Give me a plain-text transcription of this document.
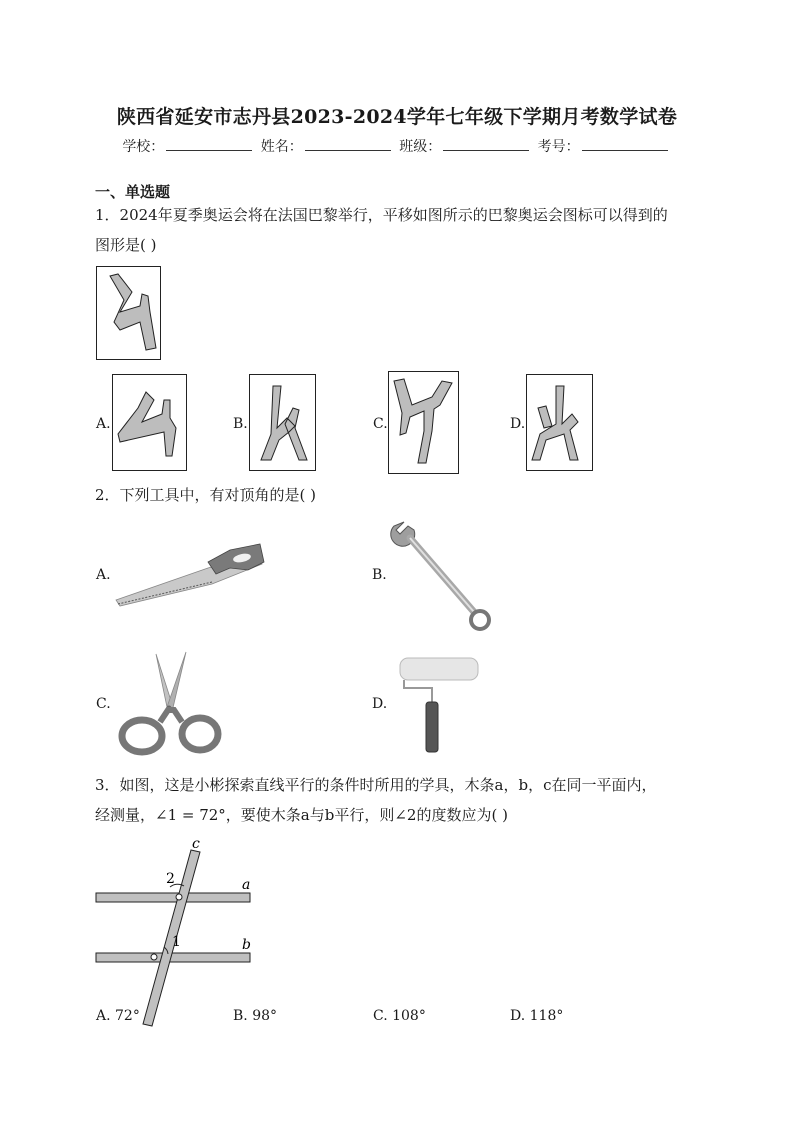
陕西省延安市志丹县2023-2024学年七年级下学期月考数学试卷
学校：	姓名：	班级：	考号：
一、单选题
1．2024年夏季奥运会将在法国巴黎举行，平移如图所示的巴黎奥运会图标可以得到的
图形是( )
A.	B.	C.	D.
2．下列工具中，有对顶角的是( )
A.	B.
C.	D.
3．如图，这是小彬探索直线平行的条件时所用的学具，木条a，b，c在同一平面内，
经测量，∠1 = 72°，要使木条a与b平行，则∠2的度数应为( )
c
2	a
1	b
A. 72°	B. 98°	C. 108°	D. 118°
